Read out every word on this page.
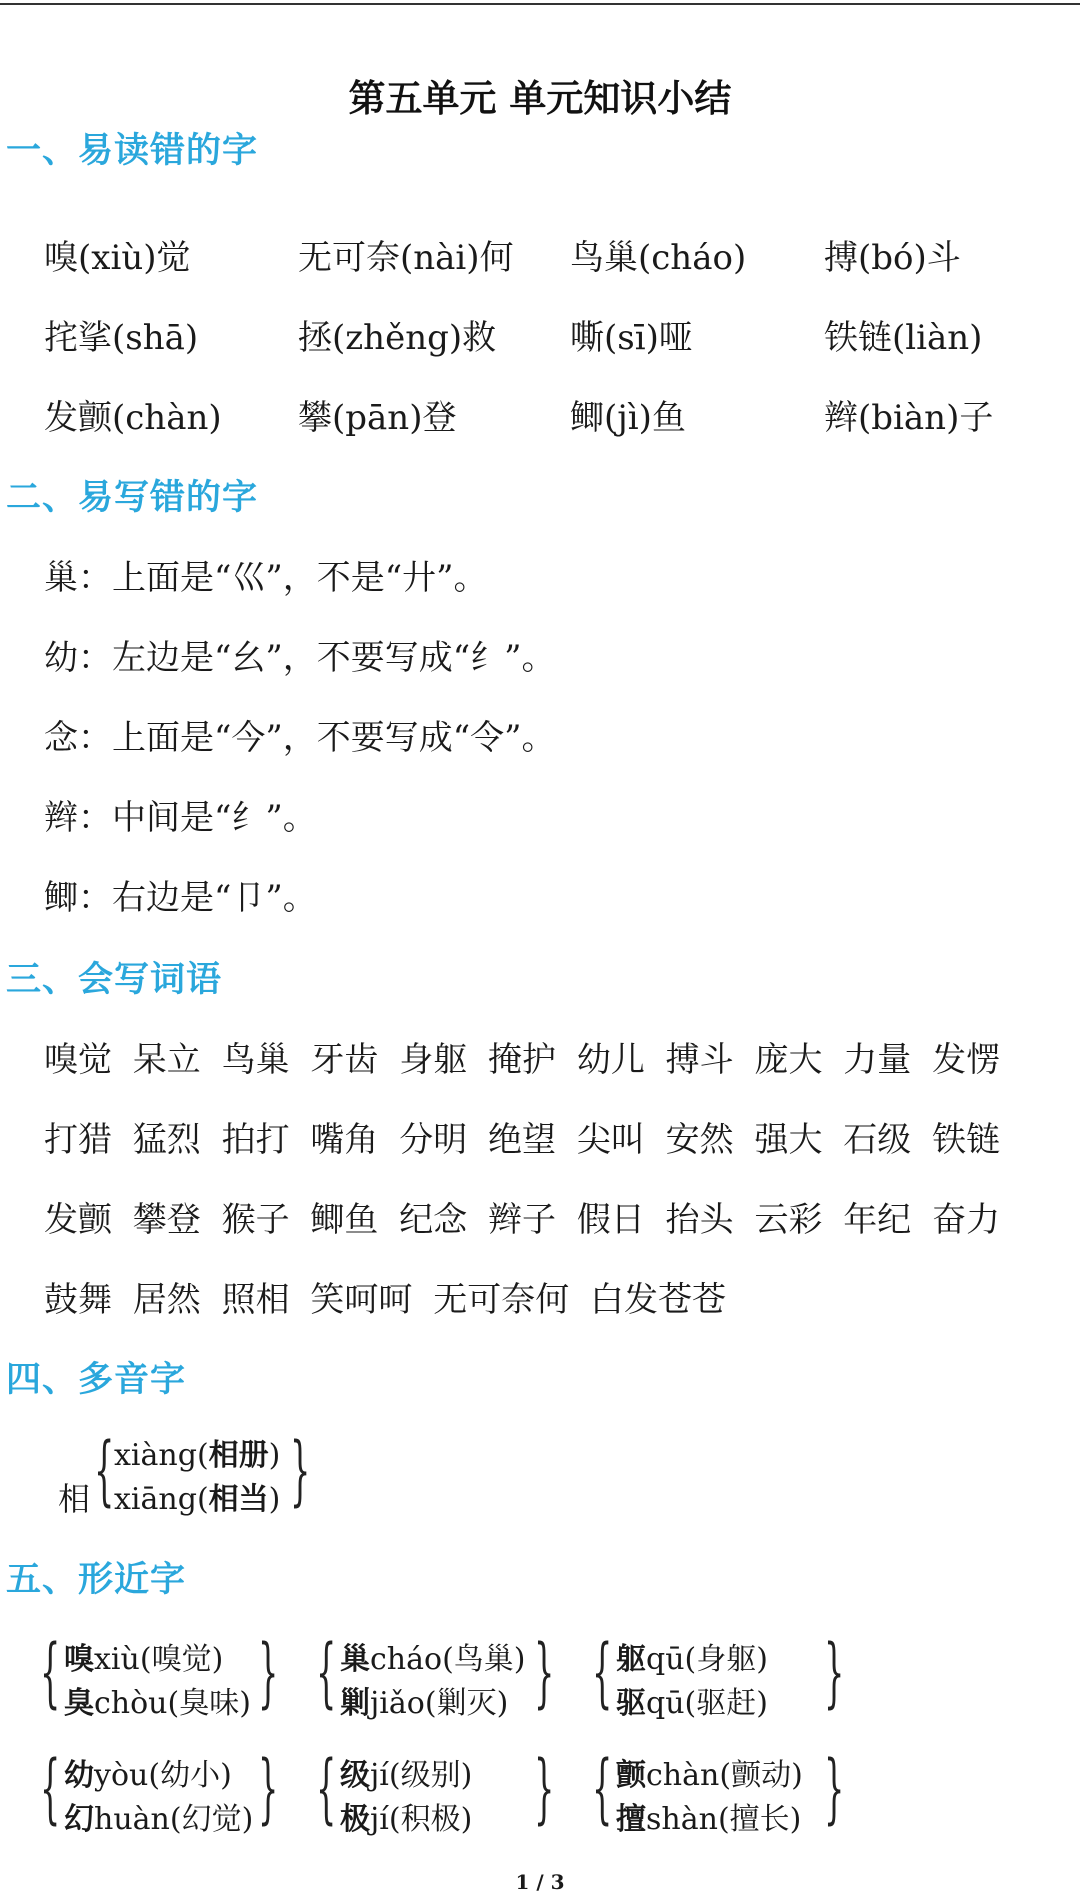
第五单元 单元知识小结
一、易读错的字
嗅(xiù)觉	无可奈(nài)何 鸟巢(cháo) 搏(bó)斗
挓挲(shā)	拯(zhěng)救 嘶(sī)哑	铁链(liàn)
发颤(chàn) 攀(pān)登	鲫(jì)鱼	辫(biàn)子
二、易写错的字
巢：上面是“巛”，不是“廾”。
幼：左边是“幺”，不要写成“纟”。
念：上面是“今”，不要写成“令”。
辫：中间是“纟”。
鲫：右边是“卩”。
三、会写词语
嗅觉 呆立 鸟巢 牙齿 身躯 掩护 幼儿 搏斗 庞大 力量 发愣
打猎 猛烈 拍打 嘴角 分明 绝望 尖叫 安然 强大 石级 铁链
发颤 攀登 猴子 鲫鱼 纪念 辫子 假日 抬头 云彩 年纪 奋力
鼓舞 居然 照相 笑呵呵 无可奈何 白发苍苍
四、多音字
相 { xiàng(相册)
xiāng(相当) }
五、形近字
{ 嗅xiù(嗅觉)
臭chòu(臭味) } { 巢cháo(鸟巢)
剿jiǎo(剿灭) } { 躯qū(身躯)
驱qū(驱赶) }
{ 幼yòu(幼小)
幻huàn(幻觉) } { 级jí(级别)
极jí(积极) } { 颤chàn(颤动)
擅shàn(擅长) }
1 / 3
